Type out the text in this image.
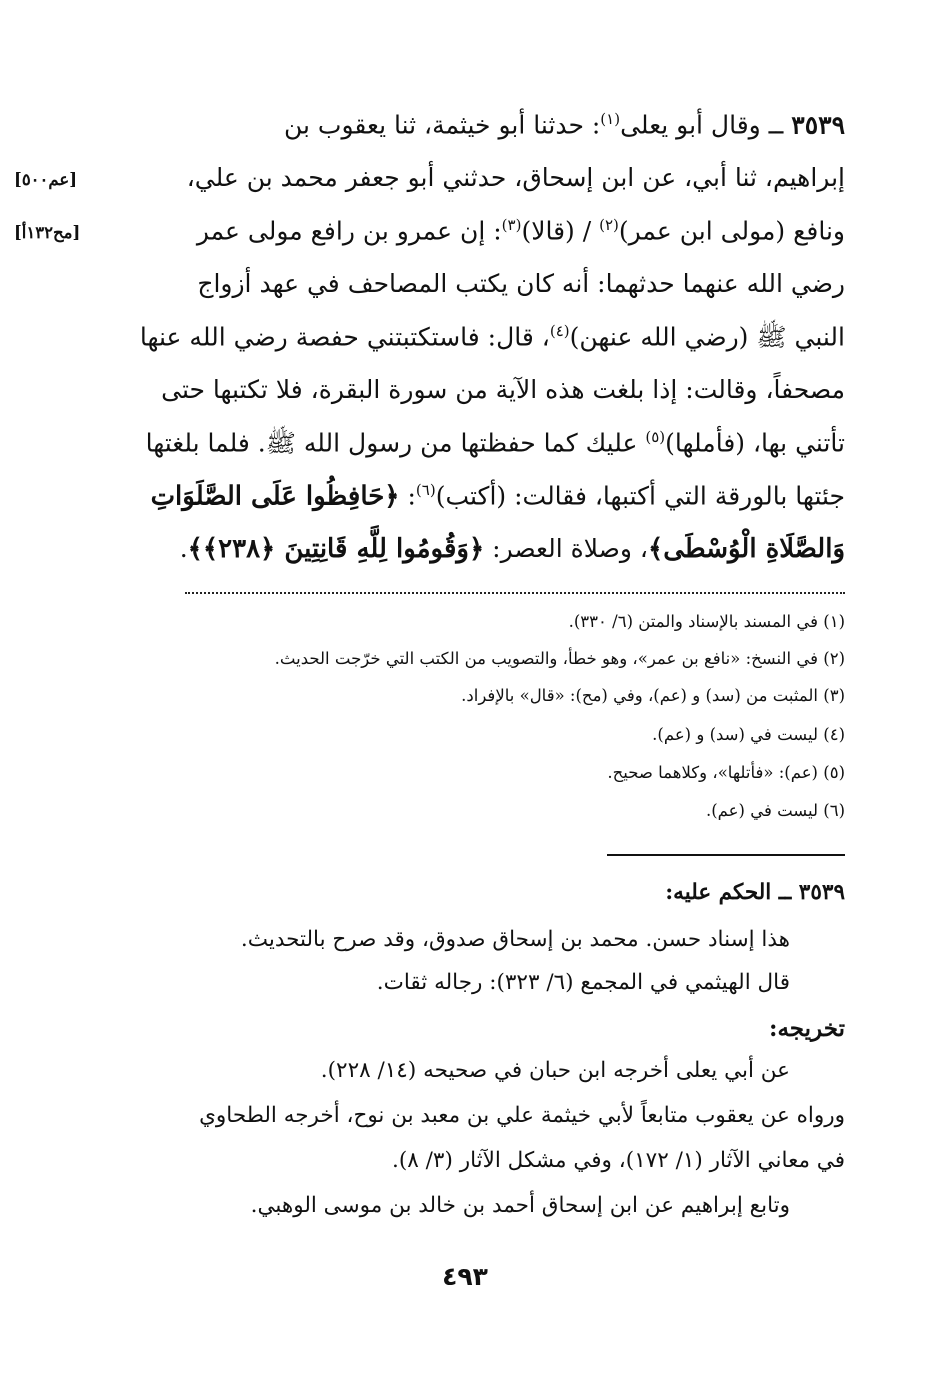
٣٥٣٩ ــ وقال أبو يعلى$^{(١)}$: حدثنا أبو خيثمة، ثنا يعقوب بن
إبراهيم، ثنا أبي، عن ابن إسحاق، حدثني أبو جعفر محمد بن علي،
ونافع (مولى ابن عمر)$^{(٢)}$ / (قالا)$^{(٣)}$: إن عمرو بن رافع مولى عمر
رضي الله عنهما حدثهما: أنه كان يكتب المصاحف في عهد أزواج
النبي ﷺ (رضي الله عنهن)$^{(٤)}$، قال: فاستكتبتني حفصة رضي الله عنها
مصحفاً، وقالت: إذا بلغت هذه الآية من سورة البقرة، فلا تكتبها حتى
تأتني بها، (فأملها)$^{(٥)}$ عليك كما حفظتها من رسول الله ﷺ. فلما بلغتها
جئتها بالورقة التي أكتبها، فقالت: (أكتب)$^{(٦)}$: ﴿حَافِظُوا عَلَى الصَّلَوَاتِ
وَالصَّلَاةِ الْوُسْطَى﴾، وصلاة العصر: ﴿وَقُومُوا لِلَّهِ قَانِتِينَ ﴿٢٣٨﴾﴾.
[عم٥٠٠]
[مح١٣٢أ]
(١) في المسند بالإسناد والمتن (٦/ ٣٣٠).
(٢) في النسخ: «نافع بن عمر»، وهو خطأ، والتصويب من الكتب التي خرّجت الحديث.
(٣) المثبت من (سد) و (عم)، وفي (مح): «قال» بالإفراد.
(٤) ليست في (سد) و (عم).
(٥) (عم): «فأتلها»، وكلاهما صحيح.
(٦) ليست في (عم).
٣٥٣٩ ــ الحكم عليه:
هذا إسناد حسن. محمد بن إسحاق صدوق، وقد صرح بالتحديث.
قال الهيثمي في المجمع (٦/ ٣٢٣): رجاله ثقات.
تخريجه:
عن أبي يعلى أخرجه ابن حبان في صحيحه (١٤/ ٢٢٨).
ورواه عن يعقوب متابعاً لأبي خيثمة علي بن معبد بن نوح، أخرجه الطحاوي
في معاني الآثار (١/ ١٧٢)، وفي مشكل الآثار (٣/ ٨).
وتابع إبراهيم عن ابن إسحاق أحمد بن خالد بن موسى الوهبي.
٤٩٣
